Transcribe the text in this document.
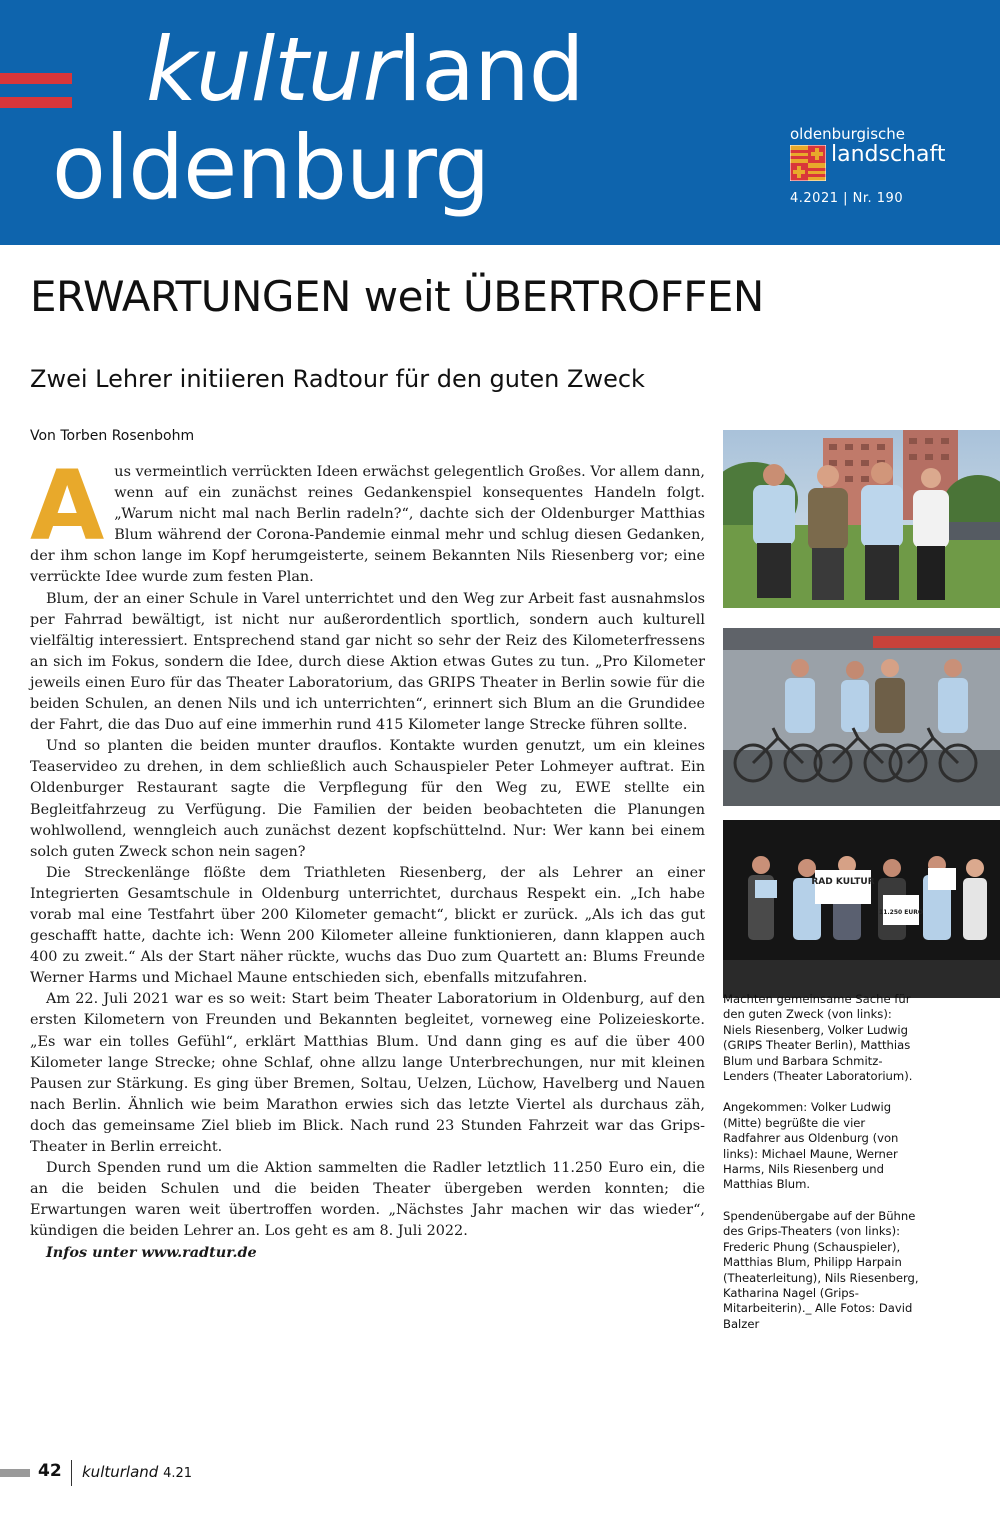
kulturland
oldenburg	oldenburgische
landschaft
4.2021 | Nr. 190
ERWARTUNGEN weit ÜBERTROFFEN
Zwei Lehrer initiieren Radtour für den guten Zweck
Von Torben Rosenbohm
A us vermeintlich verrückten Ideen erwächst gelegentlich Großes. Vor allem dann, wenn auf ein zunächst reines Gedankenspiel konsequentes Handeln folgt. „Warum nicht mal nach Berlin radeln?“, dachte sich der Oldenburger Matthias Blum während der Corona-Pandemie einmal mehr und schlug diesen Gedanken, der ihm schon lange im Kopf herumgeisterte, seinem Bekannten Nils Riesenberg vor; eine verrückte Idee wurde zum festen Plan.

Blum, der an einer Schule in Varel unterrichtet und den Weg zur Arbeit fast ausnahmslos per Fahrrad bewältigt, ist nicht nur außerordentlich sportlich, sondern auch kulturell vielfältig interessiert. Entsprechend stand gar nicht so sehr der Reiz des Kilometerfressens an sich im Fokus, sondern die Idee, durch diese Aktion etwas Gutes zu tun. „Pro Kilometer jeweils einen Euro für das Theater Laboratorium, das GRIPS Theater in Berlin sowie für die beiden Schulen, an denen Nils und ich unterrichten“, erinnert sich Blum an die Grundidee der Fahrt, die das Duo auf eine immerhin rund 415 Kilometer lange Strecke führen sollte.

Und so planten die beiden munter drauflos. Kontakte wurden genutzt, um ein kleines Teaservideo zu drehen, in dem schließlich auch Schauspieler Peter Lohmeyer auftrat. Ein Oldenburger Restaurant sagte die Verpflegung für den Weg zu, EWE stellte ein Begleitfahrzeug zu Verfügung. Die Familien der beiden beobachteten die Planungen wohlwollend, wenngleich auch zunächst dezent kopfschüttelnd. Nur: Wer kann bei einem solch guten Zweck schon nein sagen?

Die Streckenlänge flößte dem Triathleten Riesenberg, der als Lehrer an einer Integrierten Gesamtschule in Oldenburg unterrichtet, durchaus Respekt ein. „Ich habe vorab mal eine Testfahrt über 200 Kilometer gemacht“, blickt er zurück. „Als ich das gut geschafft hatte, dachte ich: Wenn 200 Kilometer alleine funktionieren, dann klappen auch 400 zu zweit.“ Als der Start näher rückte, wuchs das Duo zum Quartett an: Blums Freunde Werner Harms und Michael Maune entschieden sich, ebenfalls mitzufahren.

Am 22. Juli 2021 war es so weit: Start beim Theater Laboratorium in Oldenburg, auf den ersten Kilometern von Freunden und Bekannten begleitet, vorneweg eine Polizeieskorte. „Es war ein tolles Gefühl“, erklärt Matthias Blum. Und dann ging es auf die über 400 Kilometer lange Strecke; ohne Schlaf, ohne allzu lange Unterbrechungen, nur mit kleinen Pausen zur Stärkung. Es ging über Bremen, Soltau, Uelzen, Lüchow, Havelberg und Nauen nach Berlin. Ähnlich wie beim Marathon erwies sich das letzte Viertel als durchaus zäh, doch das gemeinsame Ziel blieb im Blick. Nach rund 23 Stunden Fahrzeit war das Grips-Theater in Berlin erreicht.

Durch Spenden rund um die Aktion sammelten die Radler letztlich 11.250 Euro ein, die an die beiden Schulen und die beiden Theater übergeben werden konnten; die Erwartungen waren weit übertroffen worden. „Nächstes Jahr machen wir das wieder“, kündigen die beiden Lehrer an. Los geht es am 8. Juli 2022.

Infos unter www.radtur.de
RAD KULTUR
11.250 EURO

Machten gemeinsame Sache für den guten Zweck (von links): Niels Riesenberg, Volker Ludwig (GRIPS Theater Berlin), Matthias Blum und Barbara Schmitz-Lenders (Theater Laboratorium).

Angekommen: Volker Ludwig (Mitte) begrüßte die vier Radfahrer aus Oldenburg (von links): Michael Maune, Werner Harms, Nils Riesenberg und Matthias Blum.

Spendenübergabe auf der Bühne des Grips-Theaters (von links): Frederic Phung (Schauspieler), Matthias Blum, Philipp Harpain (Theaterleitung), Nils Riesenberg, Katharina Nagel (Grips-Mitarbeiterin)._ Alle Fotos: David Balzer

42 kulturland 4.21
